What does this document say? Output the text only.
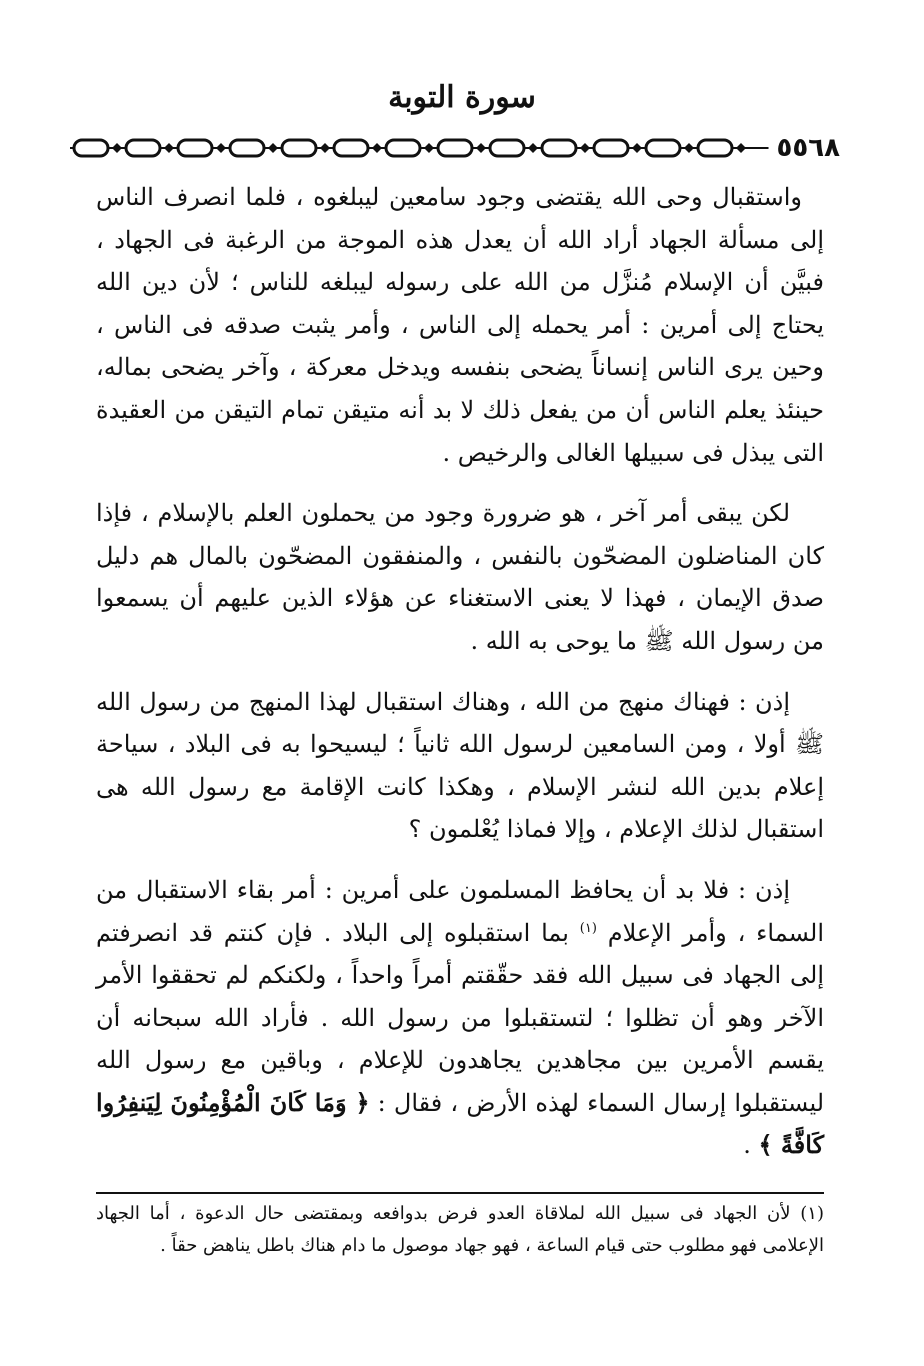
سورة التوبة
٥٥٦٨

واستقبال وحى الله يقتضى وجود سامعين ليبلغوه ، فلما انصرف الناس إلى مسألة الجهاد أراد الله أن يعدل هذه الموجة من الرغبة فى الجهاد ، فبيَّن أن الإسلام مُنزَّل من الله على رسوله ليبلغه للناس ؛ لأن دين الله يحتاج إلى أمرين : أمر يحمله إلى الناس ، وأمر يثبت صدقه فى الناس ، وحين يرى الناس إنساناً يضحى بنفسه ويدخل معركة ، وآخر يضحى بماله، حينئذ يعلم الناس أن من يفعل ذلك لا بد أنه متيقن تمام التيقن من العقيدة التى يبذل فى سبيلها الغالى والرخيص .

لكن يبقى أمر آخر ، هو ضرورة وجود من يحملون العلم بالإسلام ، فإذا كان المناضلون المضحّون بالنفس ، والمنفقون المضحّون بالمال هم دليل صدق الإيمان ، فهذا لا يعنى الاستغناء عن هؤلاء الذين عليهم أن يسمعوا من رسول الله ﷺ ما يوحى به الله .

إذن : فهناك منهج من الله ، وهناك استقبال لهذا المنهج من رسول الله ﷺ أولا ، ومن السامعين لرسول الله ثانياً ؛ ليسيحوا به فى البلاد ، سياحة إعلام بدين الله لنشر الإسلام ، وهكذا كانت الإقامة مع رسول الله هى استقبال لذلك الإعلام ، وإلا فماذا يُعْلمون ؟

إذن : فلا بد أن يحافظ المسلمون على أمرين : أمر بقاء الاستقبال من السماء ، وأمر الإعلام $^{(١)}$ بما استقبلوه إلى البلاد . فإن كنتم قد انصرفتم إلى الجهاد فى سبيل الله فقد حقّقتم أمراً واحداً ، ولكنكم لم تحققوا الأمر الآخر وهو أن تظلوا ؛ لتستقبلوا من رسول الله . فأراد الله سبحانه أن يقسم الأمرين بين مجاهدين يجاهدون للإعلام ، وباقين مع رسول الله ليستقبلوا إرسال السماء لهذه الأرض ، فقال : ﴿ وَمَا كَانَ الْمُؤْمِنُونَ لِيَنفِرُوا كَافَّةً ﴾ .

(١) لأن الجهاد فى سبيل الله لملاقاة العدو فرض بدوافعه وبمقتضى حال الدعوة ، أما الجهاد الإعلامى فهو مطلوب حتى قيام الساعة ، فهو جهاد موصول ما دام هناك باطل يناهض حقاً .
